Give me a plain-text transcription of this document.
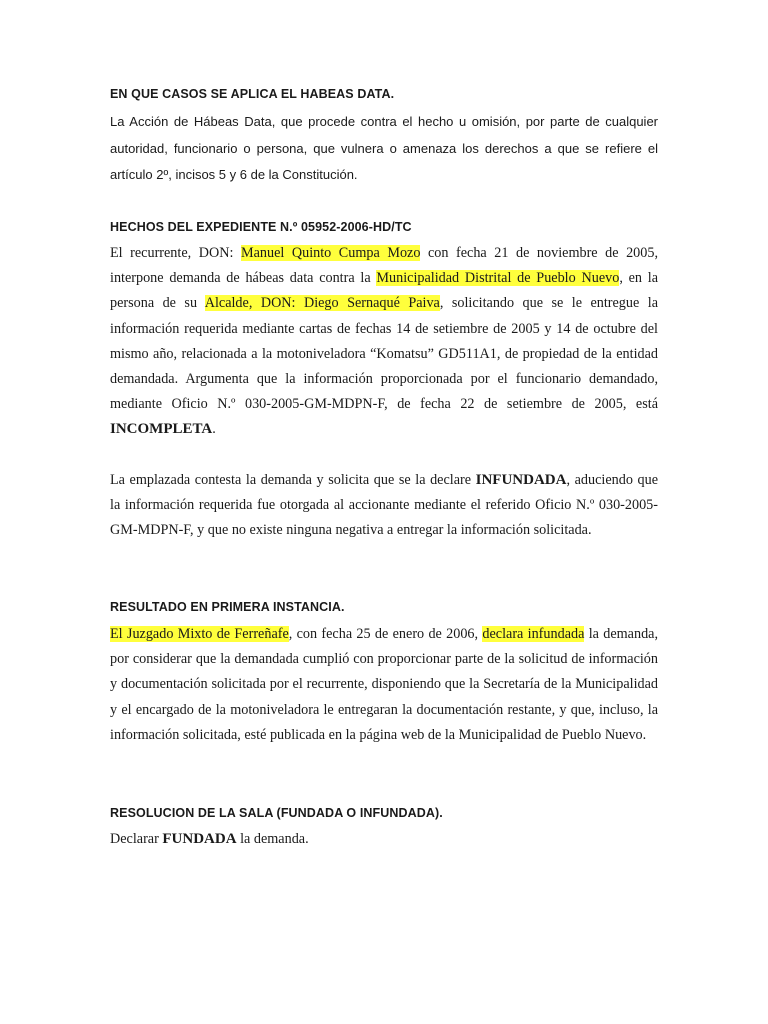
EN QUE CASOS SE APLICA EL HABEAS DATA.

La Acción de Hábeas Data, que procede contra el hecho u omisión, por parte de cualquier autoridad, funcionario o persona, que vulnera o amenaza los derechos a que se refiere el artículo 2º, incisos 5 y 6 de la Constitución.

HECHOS DEL EXPEDIENTE N.º 05952-2006-HD/TC

El recurrente, DON: Manuel Quinto Cumpa Mozo con fecha 21 de noviembre de 2005, interpone demanda de hábeas data contra la Municipalidad Distrital de Pueblo Nuevo, en la persona de su Alcalde, DON: Diego Sernaqué Paiva, solicitando que se le entregue la información requerida mediante cartas de fechas 14 de setiembre de 2005 y 14 de octubre del mismo año, relacionada a la motoniveladora “Komatsu” GD511A1, de propiedad de la entidad demandada. Argumenta que la información proporcionada por el funcionario demandado, mediante Oficio N.º 030-2005-GM-MDPN-F, de fecha 22 de setiembre de 2005, está INCOMPLETA.

La emplazada contesta la demanda y solicita que se la declare INFUNDADA, aduciendo que la información requerida fue otorgada al accionante mediante el referido Oficio N.º 030-2005-GM-MDPN-F, y que no existe ninguna negativa a entregar la información solicitada.

RESULTADO EN PRIMERA INSTANCIA.

El Juzgado Mixto de Ferreñafe, con fecha 25 de enero de 2006, declara infundada la demanda, por considerar que la demandada cumplió con proporcionar parte de la solicitud de información y documentación solicitada por el recurrente, disponiendo que la Secretaría de la Municipalidad y el encargado de la motoniveladora le entregaran la documentación restante, y que, incluso, la información solicitada, esté publicada en la página web de la Municipalidad de Pueblo Nuevo.

RESOLUCION DE LA SALA (FUNDADA O INFUNDADA).

Declarar FUNDADA la demanda.
